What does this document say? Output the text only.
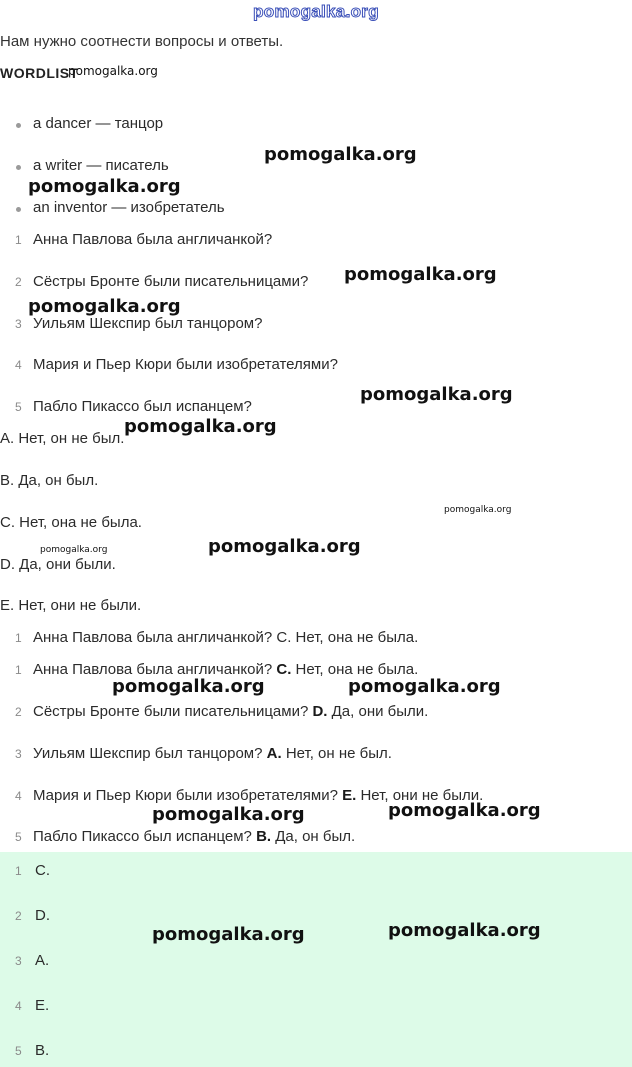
pomogalka.org
Нам нужно соотнести вопросы и ответы.
WORDLIST
pomogalka.org
a dancer — танцор
a writer — писатель
an inventor — изобретатель
1 Анна Павлова была англичанкой?
2 Сёстры Бронте были писательницами?
3 Уильям Шекспир был танцором?
4 Мария и Пьер Кюри были изобретателями?
5 Пабло Пикассо был испанцем?
A. Нет, он не был.
B. Да, он был.
C. Нет, она не была.
D. Да, они были.
E. Нет, они не были.
1 Анна Павлова была англичанкой? C. Нет, она не была.
1 Анна Павлова была англичанкой? C. Нет, она не была.
2 Сёстры Бронте были писательницами? D. Да, они были.
3 Уильям Шекспир был танцором? A. Нет, он не был.
4 Мария и Пьер Кюри были изобретателями? E. Нет, они не были.
5 Пабло Пикассо был испанцем? B. Да, он был.
1 C.
2 D.
3 A.
4 E.
5 B.
pomogalka.org
pomogalka.org
pomogalka.org
pomogalka.org
pomogalka.org
pomogalka.org
pomogalka.org
pomogalka.org
pomogalka.org
pomogalka.org	pomogalka.org
pomogalka.org
pomogalka.org
pomogalka.org
pomogalka.org
